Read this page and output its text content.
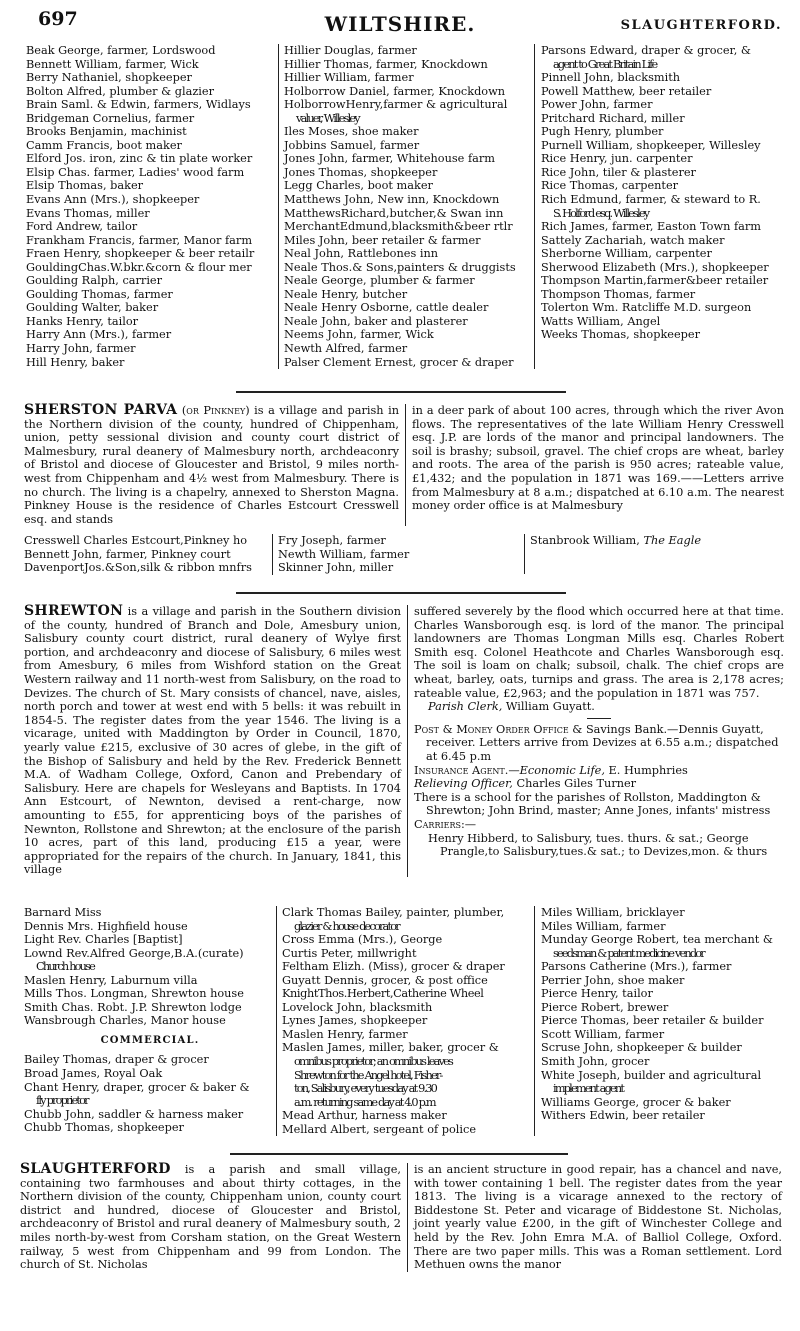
697	WILTSHIRE.	SLAUGHTERFORD.
Beak George, farmer, Lordswood
Bennett William, farmer, Wick
Berry Nathaniel, shopkeeper
Bolton Alfred, plumber & glazier
Brain Saml. & Edwin, farmers, Widlays
Bridgeman Cornelius, farmer
Brooks Benjamin, machinist
Camm Francis, boot maker
Elford Jos. iron, zinc & tin plate worker
Elsip Chas. farmer, Ladies' wood farm
Elsip Thomas, baker
Evans Ann (Mrs.), shopkeeper
Evans Thomas, miller
Ford Andrew, tailor
Frankham Francis, farmer, Manor farm
Fraen Henry, shopkeeper & beer retailr
GouldingChas.W.bkr.&corn & flour mer
Goulding Ralph, carrier
Goulding Thomas, farmer
Goulding Walter, baker
Hanks Henry, tailor
Harry Ann (Mrs.), farmer
Harry John, farmer
Hill Henry, baker
Hillier Douglas, farmer
Hillier Thomas, farmer, Knockdown
Hillier William, farmer
Holborrow Daniel, farmer, Knockdown
HolborrowHenry,farmer & agricultural
valuer, Willesley
Iles Moses, shoe maker
Jobbins Samuel, farmer
Jones John, farmer, Whitehouse farm
Jones Thomas, shopkeeper
Legg Charles, boot maker
Matthews John, New inn, Knockdown
MatthewsRichard,butcher,& Swan inn
MerchantEdmund,blacksmith&beer rtlr
Miles John, beer retailer & farmer
Neal John, Rattlebones inn
Neale Thos.& Sons,painters & druggists
Neale George, plumber & farmer
Neale Henry, butcher
Neale Henry Osborne, cattle dealer
Neale John, baker and plasterer
Neems John, farmer, Wick
Newth Alfred, farmer
Palser Clement Ernest, grocer & draper
Parsons Edward, draper & grocer, &
agent to Great Britain Life
Pinnell John, blacksmith
Powell Matthew, beer retailer
Power John, farmer
Pritchard Richard, miller
Pugh Henry, plumber
Purnell William, shopkeeper, Willesley
Rice Henry, jun. carpenter
Rice John, tiler & plasterer
Rice Thomas, carpenter
Rich Edmund, farmer, & steward to R.
S. Holford esq. Willesley
Rich James, farmer, Easton Town farm
Sattely Zachariah, watch maker
Sherborne William, carpenter
Sherwood Elizabeth (Mrs.), shopkeeper
Thompson Martin,farmer&beer retailer
Thompson Thomas, farmer
Tolerton Wm. Ratcliffe M.D. surgeon
Watts William, Angel
Weeks Thomas, shopkeeper
SHERSTON PARVA (or Pinkney) is a village and parish in the Northern division of the county, hundred of Chippenham, union, petty sessional division and county court district of Malmesbury, rural deanery of Malmesbury north, archdeaconry of Bristol and diocese of Gloucester and Bristol, 9 miles north-west from Chippenham and 4½ west from Malmesbury. There is no church. The living is a chapelry, annexed to Sherston Magna. Pinkney House is the residence of Charles Estcourt Cresswell esq. and stands
in a deer park of about 100 acres, through which the river Avon flows. The representatives of the late William Henry Cresswell esq. J.P. are lords of the manor and principal landowners. The soil is brashy; subsoil, gravel. The chief crops are wheat, barley and roots. The area of the parish is 950 acres; rateable value, £1,432; and the population in 1871 was 169.——Letters arrive from Malmesbury at 8 a.m.; dispatched at 6.10 a.m. The nearest money order office is at Malmesbury
Cresswell Charles Estcourt,Pinkney ho
Bennett John, farmer, Pinkney court
DavenportJos.&Son,silk & ribbon mnfrs
Fry Joseph, farmer
Newth William, farmer
Skinner John, miller
Stanbrook William, The Eagle
SHREWTON is a village and parish in the Southern division of the county, hundred of Branch and Dole, Amesbury union, Salisbury county court district, rural deanery of Wylye first portion, and archdeaconry and diocese of Salisbury, 6 miles west from Amesbury, 6 miles from Wishford station on the Great Western railway and 11 north-west from Salisbury, on the road to Devizes. The church of St. Mary consists of chancel, nave, aisles, north porch and tower at west end with 5 bells: it was rebuilt in 1854-5. The register dates from the year 1546. The living is a vicarage, united with Maddington by Order in Council, 1870, yearly value £215, exclusive of 30 acres of glebe, in the gift of the Bishop of Salisbury and held by the Rev. Frederick Bennett M.A. of Wadham College, Oxford, Canon and Prebendary of Salisbury. Here are chapels for Wesleyans and Baptists. In 1704 Ann Estcourt, of Newnton, devised a rent-charge, now amounting to £55, for apprenticing boys of the parishes of Newnton, Rollstone and Shrewton; at the enclosure of the parish 10 acres, part of this land, producing £15 a year, were appropriated for the repairs of the church. In January, 1841, this village
suffered severely by the flood which occurred here at that time. Charles Wansborough esq. is lord of the manor. The principal landowners are Thomas Longman Mills esq. Charles Robert Smith esq. Colonel Heathcote and Charles Wansborough esq. The soil is loam on chalk; subsoil, chalk. The chief crops are wheat, barley, oats, turnips and grass. The area is 2,178 acres; rateable value, £2,963; and the population in 1871 was 757.
Parish Clerk, William Guyatt.
Post & Money Order Office & Savings Bank.—Dennis Guyatt, receiver. Letters arrive from Devizes at 6.55 a.m.; dispatched at 6.45 p.m
Insurance Agent.—Economic Life, E. Humphries
Relieving Officer, Charles Giles Turner
There is a school for the parishes of Rollston, Maddington & Shrewton; John Brind, master; Anne Jones, infants' mistress
Carriers:—
Henry Hibberd, to Salisbury, tues. thurs. & sat.; George Prangle,to Salisbury,tues.& sat.; to Devizes,mon. & thurs
Barnard Miss
Dennis Mrs. Highfield house
Light Rev. Charles [Baptist]
Lownd Rev.Alfred George,B.A.(curate)
Church house
Maslen Henry, Laburnum villa
Mills Thos. Longman, Shrewton house
Smith Chas. Robt. J.P. Shrewton lodge
Wansbrough Charles, Manor house
COMMERCIAL.
Bailey Thomas, draper & grocer
Broad James, Royal Oak
Chant Henry, draper, grocer & baker &
fly proprietor
Chubb John, saddler & harness maker
Chubb Thomas, shopkeeper
Clark Thomas Bailey, painter, plumber,
glazier & house decorator
Cross Emma (Mrs.), George
Curtis Peter, millwright
Feltham Elizh. (Miss), grocer & draper
Guyatt Dennis, grocer, & post office
KnightThos.Herbert,Catherine Wheel
Lovelock John, blacksmith
Lynes James, shopkeeper
Maslen Henry, farmer
Maslen James, miller, baker, grocer &
omnibus proprietor; an omnibus leaves
Shrewton for the Angel hotel, Fisher-
ton, Salisbury, every tuesday at 9.30
a.m. returning same day at 4.0 p.m
Mead Arthur, harness maker
Mellard Albert, sergeant of police
Miles William, bricklayer
Miles William, farmer
Munday George Robert, tea merchant &
seedsman & patent medicine vendor
Parsons Catherine (Mrs.), farmer
Perrier John, shoe maker
Pierce Henry, tailor
Pierce Robert, brewer
Pierce Thomas, beer retailer & builder
Scott William, farmer
Scruse John, shopkeeper & builder
Smith John, grocer
White Joseph, builder and agricultural
implement agent
Williams George, grocer & baker
Withers Edwin, beer retailer
SLAUGHTERFORD is a parish and small village, containing two farmhouses and about thirty cottages, in the Northern division of the county, Chippenham union, county court district and hundred, diocese of Gloucester and Bristol, archdeaconry of Bristol and rural deanery of Malmesbury south, 2 miles north-by-west from Corsham station, on the Great Western railway, 5 west from Chippenham and 99 from London. The church of St. Nicholas
is an ancient structure in good repair, has a chancel and nave, with tower containing 1 bell. The register dates from the year 1813. The living is a vicarage annexed to the rectory of Biddestone St. Peter and vicarage of Biddestone St. Nicholas, joint yearly value £200, in the gift of Winchester College and held by the Rev. John Emra M.A. of Balliol College, Oxford. There are two paper mills. This was a Roman settlement. Lord Methuen owns the manor
